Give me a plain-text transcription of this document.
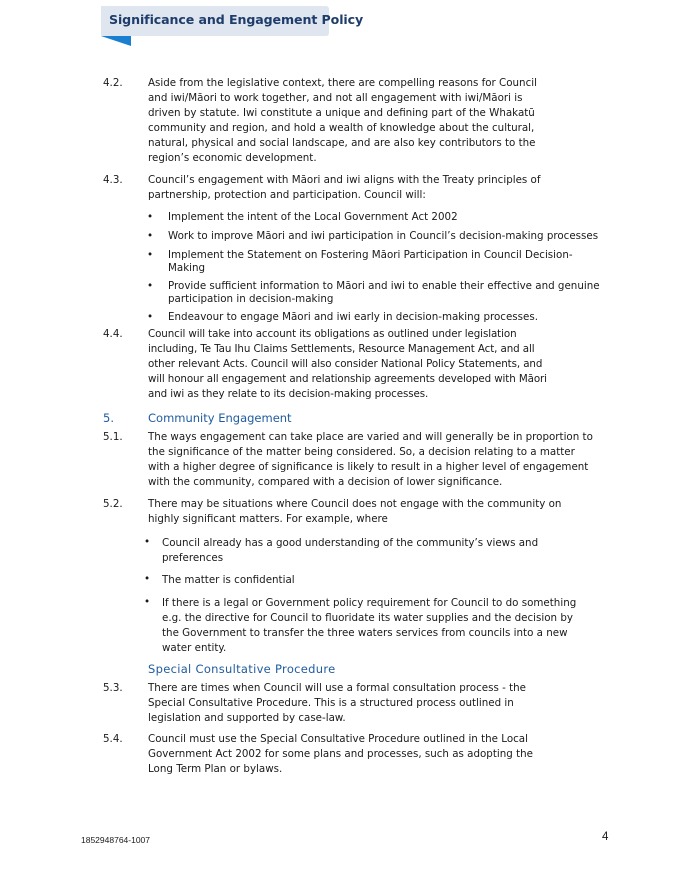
Significance and Engagement Policy
4.2. Aside from the legislative context, there are compelling reasons for Council and iwi/Māori to work together, and not all engagement with iwi/Māori is driven by statute. Iwi constitute a unique and defining part of the Whakatū community and region, and hold a wealth of knowledge about the cultural, natural, physical and social landscape, and are also key contributors to the region’s economic development.
4.3. Council’s engagement with Māori and iwi aligns with the Treaty principles of partnership, protection and participation. Council will:
• Implement the intent of the Local Government Act 2002
• Work to improve Māori and iwi participation in Council’s decision-making processes
• Implement the Statement on Fostering Māori Participation in Council Decision-Making
• Provide sufficient information to Māori and iwi to enable their effective and genuine participation in decision-making
• Endeavour to engage Māori and iwi early in decision-making processes.
4.4. Council will take into account its obligations as outlined under legislation including, Te Tau Ihu Claims Settlements, Resource Management Act, and all other relevant Acts. Council will also consider National Policy Statements, and will honour all engagement and relationship agreements developed with Māori and iwi as they relate to its decision-making processes.
5.	Community Engagement
5.1. The ways engagement can take place are varied and will generally be in proportion to the significance of the matter being considered. So, a decision relating to a matter with a higher degree of significance is likely to result in a higher level of engagement with the community, compared with a decision of lower significance.
5.2. There may be situations where Council does not engage with the community on highly significant matters. For example, where
• Council already has a good understanding of the community’s views and preferences
• The matter is confidential
• If there is a legal or Government policy requirement for Council to do something e.g. the directive for Council to fluoridate its water supplies and the decision by the Government to transfer the three waters services from councils into a new water entity.
Special Consultative Procedure
5.3. There are times when Council will use a formal consultation process - the Special Consultative Procedure. This is a structured process outlined in legislation and supported by case-law.
5.4. Council must use the Special Consultative Procedure outlined in the Local Government Act 2002 for some plans and processes, such as adopting the Long Term Plan or bylaws.
1852948764-1007	4
